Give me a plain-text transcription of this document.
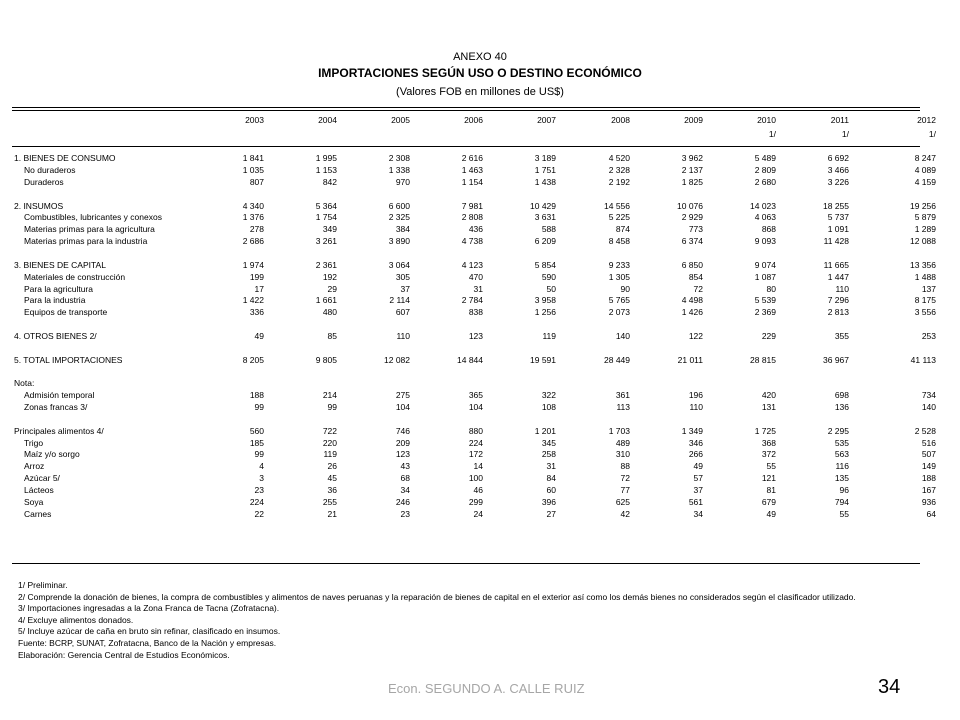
ANEXO 40
IMPORTACIONES SEGÚN USO O DESTINO ECONÓMICO
(Valores FOB en millones de US$)
	2003	2004	2005	2006	2007	2008	2009	2010	2011	2012
								1/	1/	1/

1. BIENES DE CONSUMO	1 841	1 995	2 308	2 616	3 189	4 520	3 962	5 489	6 692	8 247
No duraderos	1 035	1 153	1 338	1 463	1 751	2 328	2 137	2 809	3 466	4 089
Duraderos	807	842	970	1 154	1 438	2 192	1 825	2 680	3 226	4 159

2. INSUMOS	4 340	5 364	6 600	7 981	10 429	14 556	10 076	14 023	18 255	19 256
Combustibles, lubricantes y conexos	1 376	1 754	2 325	2 808	3 631	5 225	2 929	4 063	5 737	5 879
Materias primas para la agricultura	278	349	384	436	588	874	773	868	1 091	1 289
Materias primas para la industria	2 686	3 261	3 890	4 738	6 209	8 458	6 374	9 093	11 428	12 088

3. BIENES DE CAPITAL	1 974	2 361	3 064	4 123	5 854	9 233	6 850	9 074	11 665	13 356
Materiales de construcción	199	192	305	470	590	1 305	854	1 087	1 447	1 488
Para la agricultura	17	29	37	31	50	90	72	80	110	137
Para la industria	1 422	1 661	2 114	2 784	3 958	5 765	4 498	5 539	7 296	8 175
Equipos de transporte	336	480	607	838	1 256	2 073	1 426	2 369	2 813	3 556

4. OTROS BIENES 2/	49	85	110	123	119	140	122	229	355	253

5. TOTAL IMPORTACIONES	8 205	9 805	12 082	14 844	19 591	28 449	21 011	28 815	36 967	41 113

Nota:										
Admisión temporal	188	214	275	365	322	361	196	420	698	734
Zonas francas 3/	99	99	104	104	108	113	110	131	136	140

Principales alimentos 4/	560	722	746	880	1 201	1 703	1 349	1 725	2 295	2 528
Trigo	185	220	209	224	345	489	346	368	535	516
Maíz y/o sorgo	99	119	123	172	258	310	266	372	563	507
Arroz	4	26	43	14	31	88	49	55	116	149
Azúcar 5/	3	45	68	100	84	72	57	121	135	188
Lácteos	23	36	34	46	60	77	37	81	96	167
Soya	224	255	246	299	396	625	561	679	794	936
Carnes	22	21	23	24	27	42	34	49	55	64
1/ Preliminar.
2/ Comprende la donación de bienes, la compra de combustibles y alimentos de naves peruanas y la reparación de bienes de capital en el exterior así como los demás bienes no considerados según el clasificador utilizado.
3/ Importaciones ingresadas a la Zona Franca de Tacna (Zofratacna).
4/ Excluye alimentos donados.
5/ Incluye azúcar de caña en bruto sin refinar, clasificado en insumos.
Fuente: BCRP, SUNAT, Zofratacna, Banco de la Nación y empresas.
Elaboración: Gerencia Central de Estudios Económicos.
Econ. SEGUNDO A. CALLE RUIZ	34
